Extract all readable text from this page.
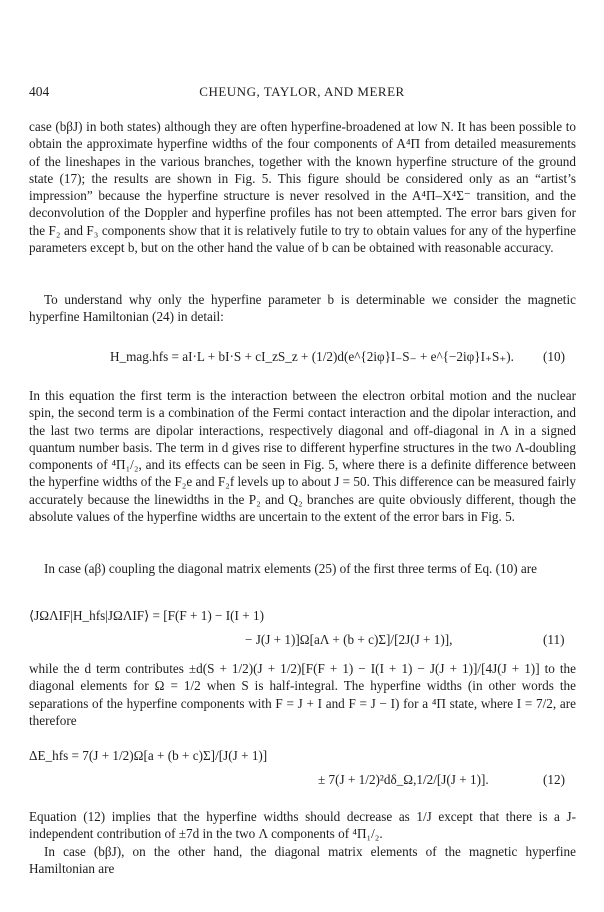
404	CHEUNG, TAYLOR, AND MERER

case (bβJ) in both states) although they are often hyperfine-broadened at low N. It has been possible to obtain the approximate hyperfine widths of the four components of A⁴Π from detailed measurements of the lineshapes in the various branches, together with the known hyperfine structure of the ground state (17); the results are shown in Fig. 5. This figure should be considered only as an “artist’s impression” because the hyperfine structure is never resolved in the A⁴Π–X⁴Σ⁻ transition, and the deconvolution of the Doppler and hyperfine profiles has not been attempted. The error bars given for the F₂ and F₃ components show that it is relatively futile to try to obtain values for any of the hyperfine parameters except b, but on the other hand the value of b can be obtained with reasonable accuracy.

To understand why only the hyperfine parameter b is determinable we consider the magnetic hyperfine Hamiltonian (24) in detail:

H_mag.hfs = aI·L + bI·S + cI_zS_z + (1/2)d(e^{2iφ}I₋S₋ + e^{−2iφ}I₊S₊). (10)

In this equation the first term is the interaction between the electron orbital motion and the nuclear spin, the second term is a combination of the Fermi contact interaction and the dipolar interaction, and the last two terms are dipolar interactions, respectively diagonal and off-diagonal in Λ in a signed quantum number basis. The term in d gives rise to different hyperfine structures in the two Λ-doubling components of ⁴Π₁/₂, and its effects can be seen in Fig. 5, where there is a definite difference between the hyperfine widths of the F₂e and F₂f levels up to about J = 50. This difference can be measured fairly accurately because the linewidths in the P₂ and Q₂ branches are quite obviously different, though the absolute values of the hyperfine widths are uncertain to the extent of the error bars in Fig. 5.

In case (aβ) coupling the diagonal matrix elements (25) of the first three terms of Eq. (10) are

⟨JΩΛIF|H_hfs|JΩΛIF⟩ = [F(F + 1) − I(I + 1)
− J(J + 1)]Ω[aΛ + (b + c)Σ]/[2J(J + 1)],	(11)

while the d term contributes ±d(S + 1/2)(J + 1/2)[F(F + 1) − I(I + 1) − J(J + 1)]/[4J(J + 1)] to the diagonal elements for Ω = 1/2 when S is half-integral. The hyperfine widths (in other words the separations of the hyperfine components with F = J + I and F = J − I) for a ⁴Π state, where I = 7/2, are therefore

ΔE_hfs = 7(J + 1/2)Ω[a + (b + c)Σ]/[J(J + 1)]
± 7(J + 1/2)²dδ_Ω,1/2/[J(J + 1)].	(12)

Equation (12) implies that the hyperfine widths should decrease as 1/J except that there is a J-independent contribution of ±7d in the two Λ components of ⁴Π₁/₂.

In case (bβJ), on the other hand, the diagonal matrix elements of the magnetic hyperfine Hamiltonian are
